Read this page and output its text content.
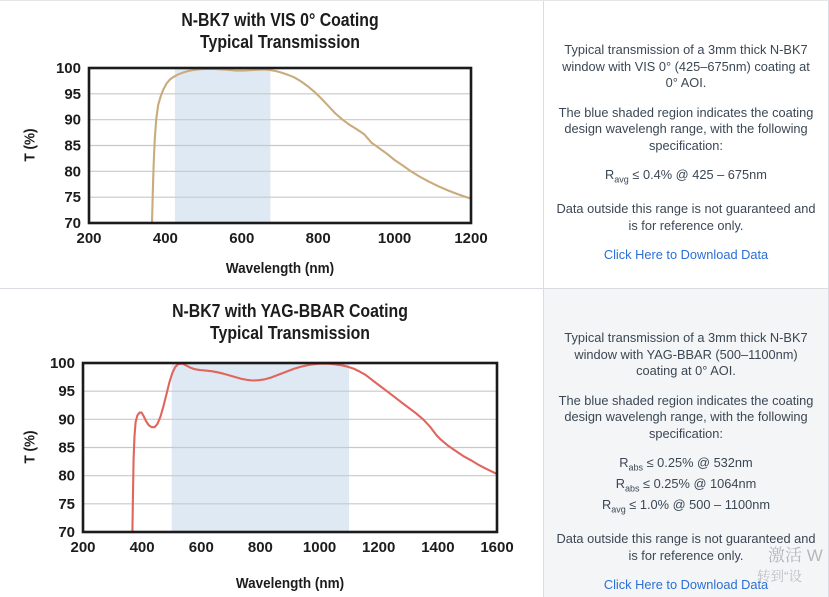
N-BK7 with VIS 0° Coating
Typical Transmission
T (%)
70
75
80
85
90
95
100
200	400	600	800	1000	1200
Wavelength (nm)
N-BK7 with YAG-BBAR Coating
Typical Transmission
T (%)
70
75
80
85
90
95
100
200 400 600 800 1000 1200 1400 1600
Wavelength (nm)

Typical transmission of a 3mm thick N-BK7 window with VIS 0° (425–675nm) coating at 0° AOI.

The blue shaded region indicates the coating design wavelengh range, with the following specification:

$R_{avg} \le 0.4\%$ @ 425 – 675nm

Data outside this range is not guaranteed and is for reference only.

Click Here to Download Data

Typical transmission of a 3mm thick N-BK7 window with YAG-BBAR (500–1100nm) coating at 0° AOI.

The blue shaded region indicates the coating design wavelengh range, with the following specification:

$R_{abs} \le 0.25\%$ @ 532nm
$R_{abs} \le 0.25\%$ @ 1064nm
$R_{avg} \le 1.0\%$ @ 500 – 1100nm

Data outside this range is not guaranteed and is for reference only.

Click Here to Download Data
激活 W
转到“设
